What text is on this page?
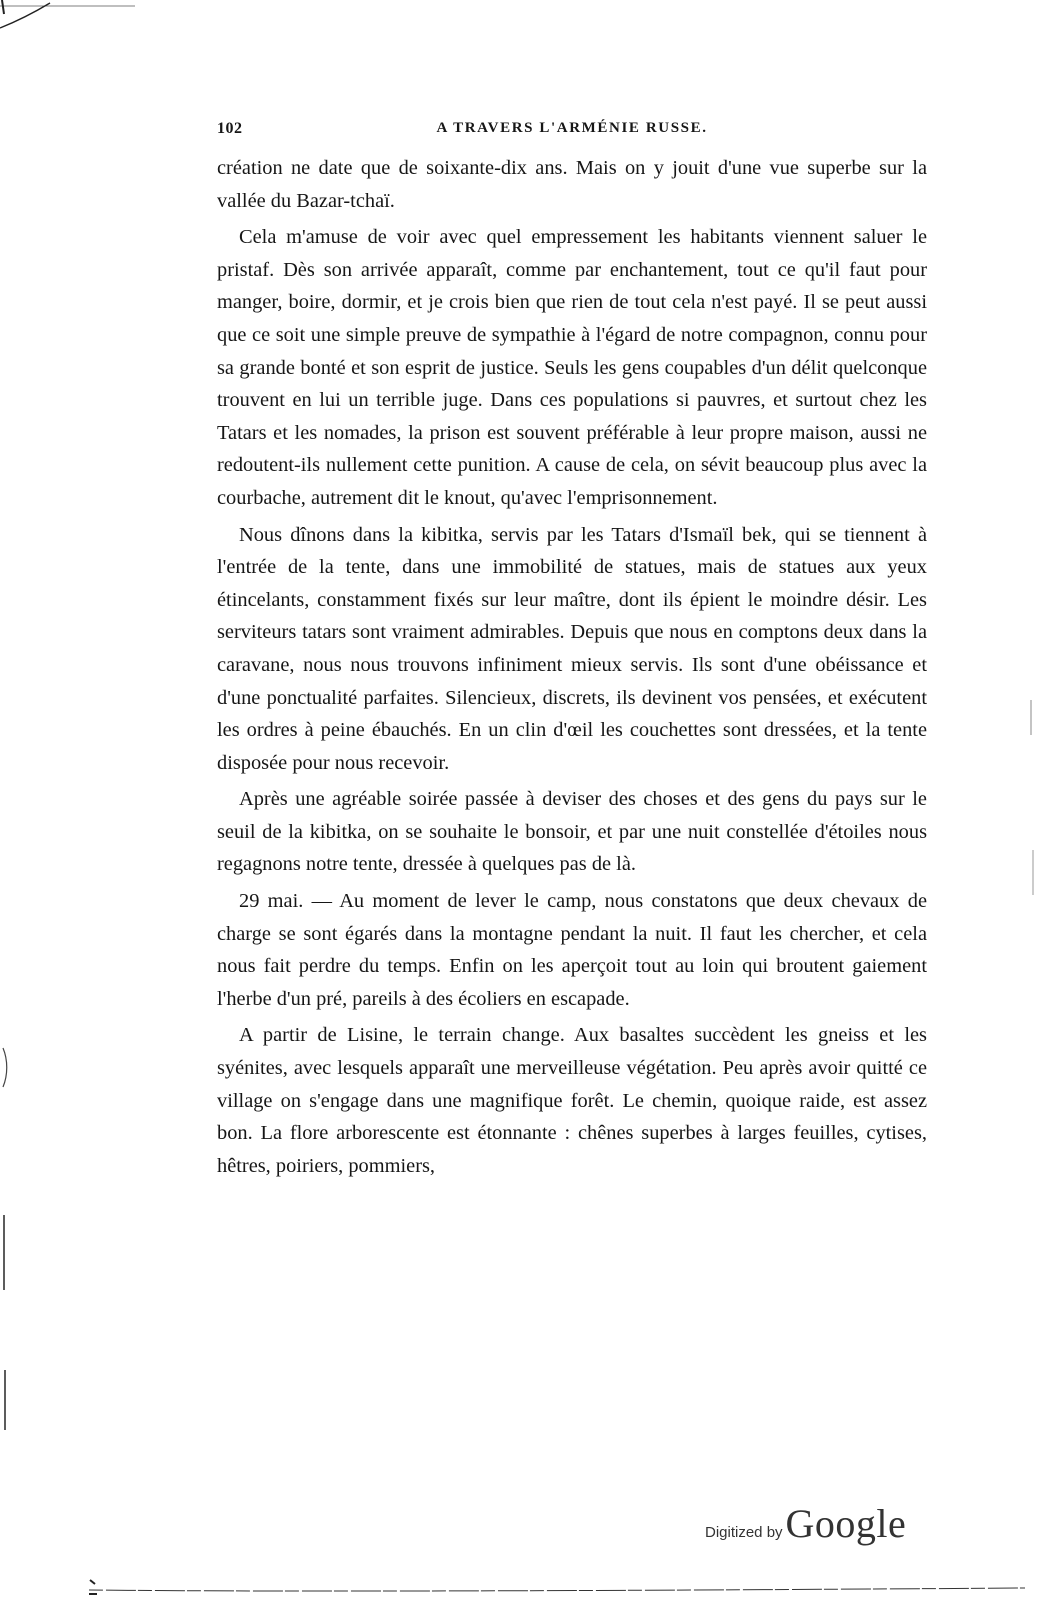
102	A TRAVERS L'ARMÉNIE RUSSE.

création ne date que de soixante-dix ans. Mais on y jouit d'une vue superbe sur la vallée du Bazar-tchaï.

Cela m'amuse de voir avec quel empressement les habitants viennent saluer le pristaf. Dès son arrivée apparaît, comme par enchantement, tout ce qu'il faut pour manger, boire, dormir, et je crois bien que rien de tout cela n'est payé. Il se peut aussi que ce soit une simple preuve de sympathie à l'égard de notre compagnon, connu pour sa grande bonté et son esprit de justice. Seuls les gens coupables d'un délit quelconque trouvent en lui un terrible juge. Dans ces populations si pauvres, et surtout chez les Tatars et les nomades, la prison est souvent préférable à leur propre maison, aussi ne redoutent-ils nullement cette punition. A cause de cela, on sévit beaucoup plus avec la courbache, autrement dit le knout, qu'avec l'emprisonnement.

Nous dînons dans la kibitka, servis par les Tatars d'Ismaïl bek, qui se tiennent à l'entrée de la tente, dans une immobilité de statues, mais de statues aux yeux étincelants, constamment fixés sur leur maître, dont ils épient le moindre désir. Les serviteurs tatars sont vraiment admirables. Depuis que nous en comptons deux dans la caravane, nous nous trouvons infiniment mieux servis. Ils sont d'une obéissance et d'une ponctualité parfaites. Silencieux, discrets, ils devinent vos pensées, et exécutent les ordres à peine ébauchés. En un clin d'œil les couchettes sont dressées, et la tente disposée pour nous recevoir.

Après une agréable soirée passée à deviser des choses et des gens du pays sur le seuil de la kibitka, on se souhaite le bonsoir, et par une nuit constellée d'étoiles nous regagnons notre tente, dressée à quelques pas de là.

29 mai. — Au moment de lever le camp, nous constatons que deux chevaux de charge se sont égarés dans la montagne pendant la nuit. Il faut les chercher, et cela nous fait perdre du temps. Enfin on les aperçoit tout au loin qui broutent gaiement l'herbe d'un pré, pareils à des écoliers en escapade.

A partir de Lisine, le terrain change. Aux basaltes succèdent les gneiss et les syénites, avec lesquels apparaît une merveilleuse végétation. Peu après avoir quitté ce village on s'engage dans une magnifique forêt. Le chemin, quoique raide, est assez bon. La flore arborescente est étonnante : chênes superbes à larges feuilles, cytises, hêtres, poiriers, pommiers,

Digitized by Google
